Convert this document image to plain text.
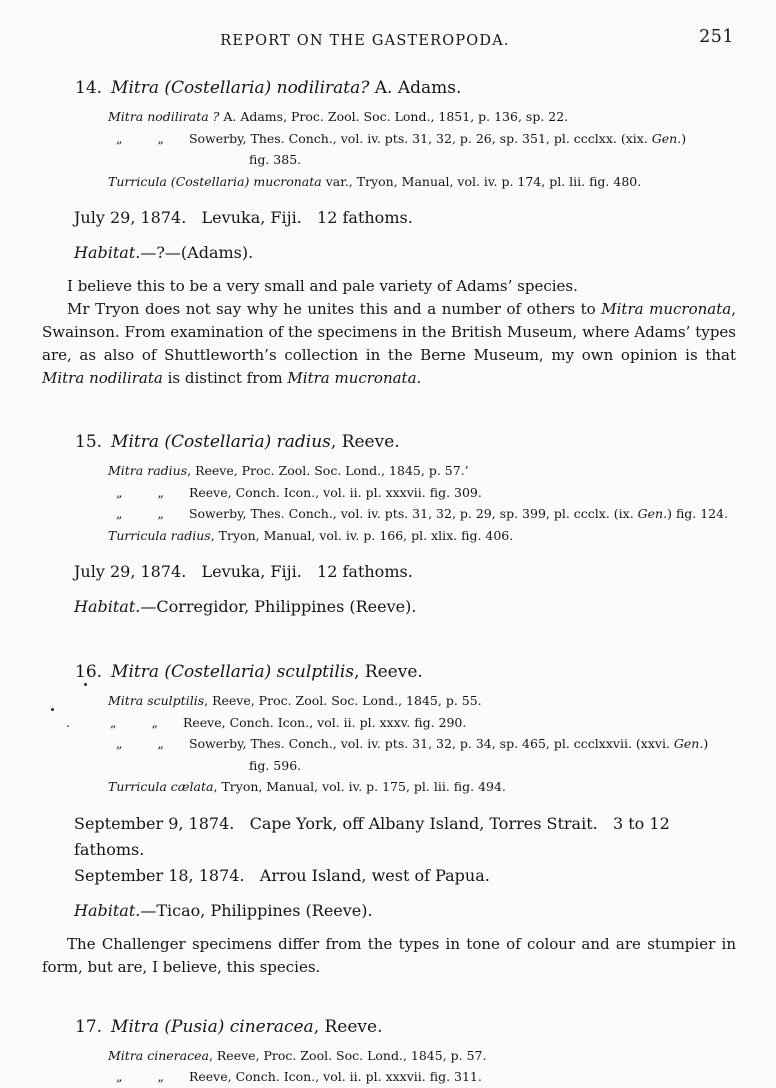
REPORT ON THE GASTEROPODA.	251
14. Mitra (Costellaria) nodilirata? A. Adams.
Mitra nodilirata ? A. Adams, Proc. Zool. Soc. Lond., 1851, p. 136, sp. 22.
„	„ Sowerby, Thes. Conch., vol. iv. pts. 31, 32, p. 26, sp. 351, pl. ccclxx. (xix. Gen.)
fig. 385.
Turricula (Costellaria) mucronata var., Tryon, Manual, vol. iv. p. 174, pl. lii. fig. 480.
July 29, 1874.   Levuka, Fiji.   12 fathoms.
Habitat.—?—(Adams).

I believe this to be a very small and pale variety of Adams’ species.

Mr Tryon does not say why he unites this and a number of others to Mitra mucronata, Swainson. From examination of the specimens in the British Museum, where Adams’ types are, as also of Shuttleworth’s collection in the Berne Museum, my own opinion is that Mitra nodilirata is distinct from Mitra mucronata.

15. Mitra (Costellaria) radius, Reeve.
Mitra radius, Reeve, Proc. Zool. Soc. Lond., 1845, p. 57.’
„	„ Reeve, Conch. Icon., vol. ii. pl. xxxvii. fig. 309.
„	„ Sowerby, Thes. Conch., vol. iv. pts. 31, 32, p. 29, sp. 399, pl. ccclx. (ix. Gen.) fig. 124.
Turricula radius, Tryon, Manual, vol. iv. p. 166, pl. xlix. fig. 406.
July 29, 1874.   Levuka, Fiji.   12 fathoms.
Habitat.—Corregidor, Philippines (Reeve).
16. Mitra (Costellaria) sculptilis, Reeve.
Mitra sculptilis, Reeve, Proc. Zool. Soc. Lond., 1845, p. 55.
.	„	„ Reeve, Conch. Icon., vol. ii. pl. xxxv. fig. 290.
„	„ Sowerby, Thes. Conch., vol. iv. pts. 31, 32, p. 34, sp. 465, pl. ccclxxvii. (xxvi. Gen.)
fig. 596.
Turricula cælata, Tryon, Manual, vol. iv. p. 175, pl. lii. fig. 494.
September 9, 1874.   Cape York, off Albany Island, Torres Strait.   3 to 12 fathoms.
September 18, 1874.   Arrou Island, west of Papua.
Habitat.—Ticao, Philippines (Reeve).

The Challenger specimens differ from the types in tone of colour and are stumpier in form, but are, I believe, this species.

17. Mitra (Pusia) cineracea, Reeve.
Mitra cineracea, Reeve, Proc. Zool. Soc. Lond., 1845, p. 57.
„	„ Reeve, Conch. Icon., vol. ii. pl. xxxvii. fig. 311.
